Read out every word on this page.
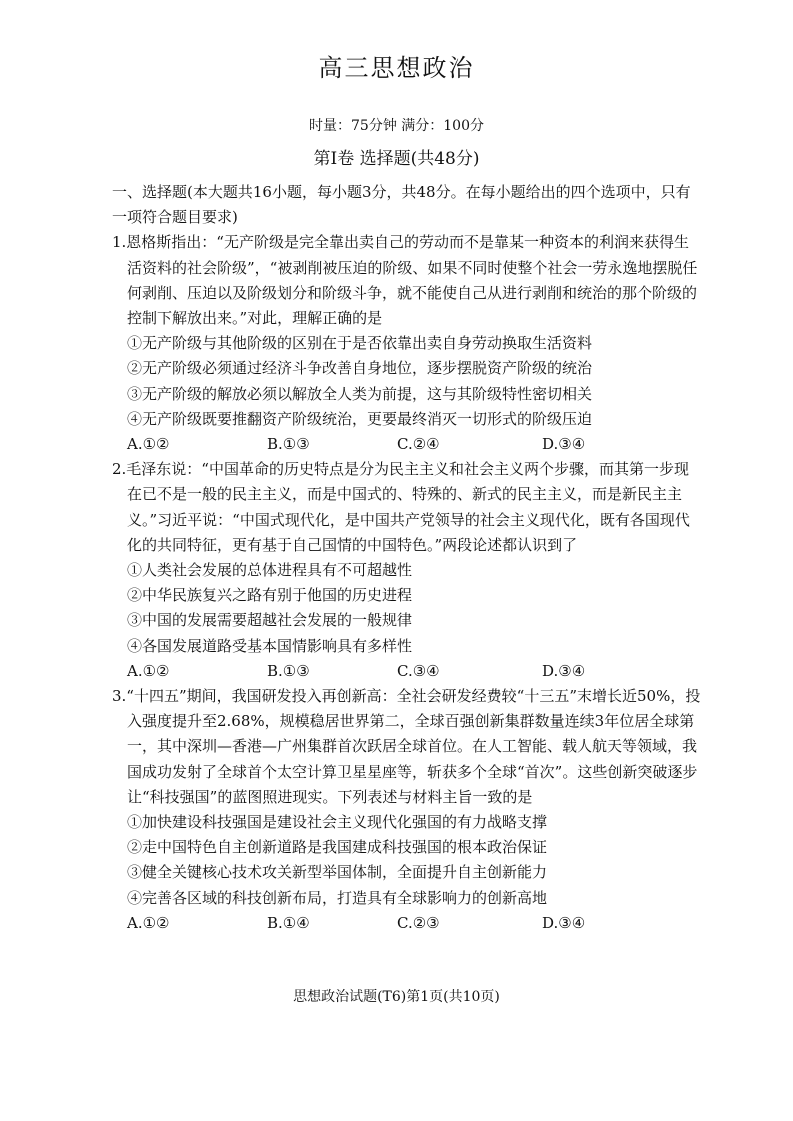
高三思想政治
时量：75分钟 满分：100分
第Ⅰ卷 选择题(共48分)

一、选择题(本大题共16小题，每小题3分，共48分。在每小题给出的四个选项中，只有一项符合题目要求)

1.恩格斯指出：“无产阶级是完全靠出卖自己的劳动而不是靠某一种资本的利润来获得生活资料的社会阶级”，“被剥削被压迫的阶级、如果不同时使整个社会一劳永逸地摆脱任何剥削、压迫以及阶级划分和阶级斗争，就不能使自己从进行剥削和统治的那个阶级的控制下解放出来。”对此，理解正确的是

①无产阶级与其他阶级的区别在于是否依靠出卖自身劳动换取生活资料

②无产阶级必须通过经济斗争改善自身地位，逐步摆脱资产阶级的统治

③无产阶级的解放必须以解放全人类为前提，这与其阶级特性密切相关

④无产阶级既要推翻资产阶级统治，更要最终消灭一切形式的阶级压迫

A.①②	B.①③	C.②④	D.③④

2.毛泽东说：“中国革命的历史特点是分为民主主义和社会主义两个步骤，而其第一步现在已不是一般的民主主义，而是中国式的、特殊的、新式的民主主义，而是新民主主义。”习近平说：“中国式现代化，是中国共产党领导的社会主义现代化，既有各国现代化的共同特征，更有基于自己国情的中国特色。”两段论述都认识到了

①人类社会发展的总体进程具有不可超越性

②中华民族复兴之路有别于他国的历史进程

③中国的发展需要超越社会发展的一般规律

④各国发展道路受基本国情影响具有多样性

A.①②	B.①③	C.③④	D.③④

3.“十四五”期间，我国研发投入再创新高：全社会研发经费较“十三五”末增长近50%，投入强度提升至2.68%，规模稳居世界第二，全球百强创新集群数量连续3年位居全球第一，其中深圳—香港—广州集群首次跃居全球首位。在人工智能、载人航天等领域，我国成功发射了全球首个太空计算卫星星座等，斩获多个全球“首次”。这些创新突破逐步让“科技强国”的蓝图照进现实。下列表述与材料主旨一致的是

①加快建设科技强国是建设社会主义现代化强国的有力战略支撑

②走中国特色自主创新道路是我国建成科技强国的根本政治保证

③健全关键核心技术攻关新型举国体制，全面提升自主创新能力

④完善各区域的科技创新布局，打造具有全球影响力的创新高地

A.①②	B.①④	C.②③	D.③④
思想政治试题(T6)第1页(共10页)
